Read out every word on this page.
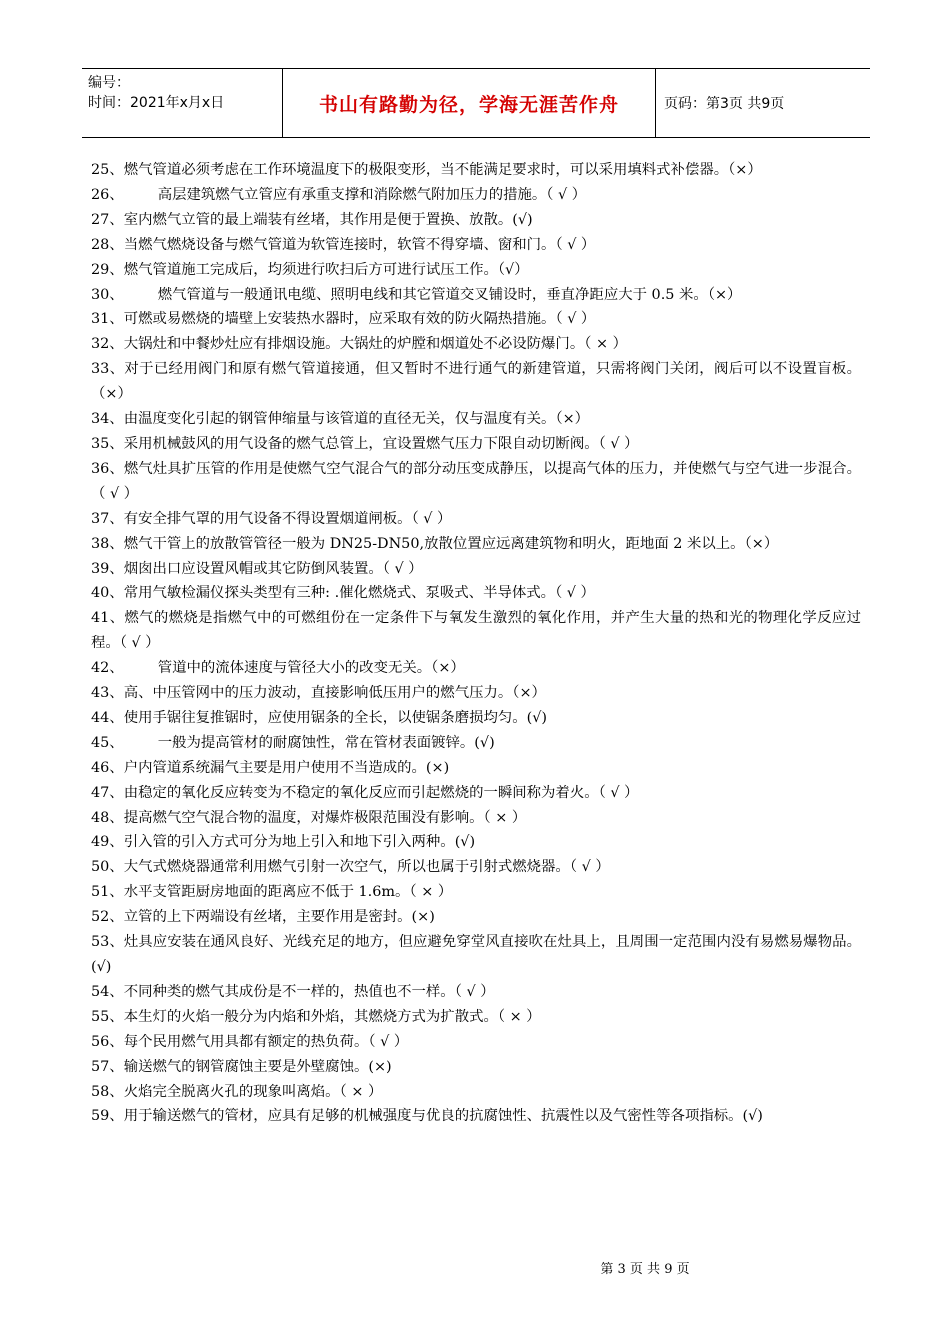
编号：
时间：2021年x月x日	书山有路勤为径，学海无涯苦作舟	页码：第3页 共9页
25、燃气管道必须考虑在工作环境温度下的极限变形，当不能满足要求时，可以采用填料式补偿器。（×）
26、 高层建筑燃气立管应有承重支撑和消除燃气附加压力的措施。（ √ ）
27、室内燃气立管的最上端装有丝堵，其作用是便于置换、放散。(√)
28、当燃气燃烧设备与燃气管道为软管连接时，软管不得穿墙、窗和门。（ √ ）
29、燃气管道施工完成后，均须进行吹扫后方可进行试压工作。（√）
30、 燃气管道与一般通讯电缆、照明电线和其它管道交叉铺设时，垂直净距应大于 0.5 米。（×）
31、可燃或易燃烧的墙壁上安装热水器时，应采取有效的防火隔热措施。（ √ ）
32、大锅灶和中餐炒灶应有排烟设施。大锅灶的炉膛和烟道处不必设防爆门。（ × ）
33、对于已经用阀门和原有燃气管道接通，但又暂时不进行通气的新建管道，只需将阀门关闭，阀后可以不设置盲板。（×）
34、由温度变化引起的钢管伸缩量与该管道的直径无关，仅与温度有关。（×）
35、采用机械鼓风的用气设备的燃气总管上，宜设置燃气压力下限自动切断阀。（ √ ）
36、燃气灶具扩压管的作用是使燃气空气混合气的部分动压变成静压，以提高气体的压力，并使燃气与空气进一步混合。（ √ ）
37、有安全排气罩的用气设备不得设置烟道闸板。（ √ ）
38、燃气干管上的放散管管径一般为 DN25-DN50,放散位置应远离建筑物和明火，距地面 2 米以上。（×）
39、烟囱出口应设置风帽或其它防倒风装置。（ √ ）
40、常用气敏检漏仪探头类型有三种: .催化燃烧式、泵吸式、半导体式。（ √ ）
41、燃气的燃烧是指燃气中的可燃组份在一定条件下与氧发生激烈的氧化作用，并产生大量的热和光的物理化学反应过程。（ √ ）
42、 管道中的流体速度与管径大小的改变无关。（×）
43、高、中压管网中的压力波动，直接影响低压用户的燃气压力。（×）
44、使用手锯往复推锯时，应使用锯条的全长，以使锯条磨损均匀。(√)
45、 一般为提高管材的耐腐蚀性，常在管材表面镀锌。(√)
46、户内管道系统漏气主要是用户使用不当造成的。(×)
47、由稳定的氧化反应转变为不稳定的氧化反应而引起燃烧的一瞬间称为着火。（ √ ）
48、提高燃气空气混合物的温度，对爆炸极限范围没有影响。（ × ）
49、引入管的引入方式可分为地上引入和地下引入两种。(√)
50、大气式燃烧器通常利用燃气引射一次空气，所以也属于引射式燃烧器。（ √ ）
51、水平支管距厨房地面的距离应不低于 1.6m。（ × ）
52、立管的上下两端设有丝堵，主要作用是密封。(×)
53、灶具应安装在通风良好、光线充足的地方，但应避免穿堂风直接吹在灶具上，且周围一定范围内没有易燃易爆物品。(√)
54、不同种类的燃气其成份是不一样的，热值也不一样。（ √ ）
55、本生灯的火焰一般分为内焰和外焰，其燃烧方式为扩散式。（ × ）
56、每个民用燃气用具都有额定的热负荷。（ √ ）
57、输送燃气的钢管腐蚀主要是外壁腐蚀。(×)
58、火焰完全脱离火孔的现象叫离焰。（ × ）
59、用于输送燃气的管材，应具有足够的机械强度与优良的抗腐蚀性、抗震性以及气密性等各项指标。(√)
第 3 页 共 9 页
